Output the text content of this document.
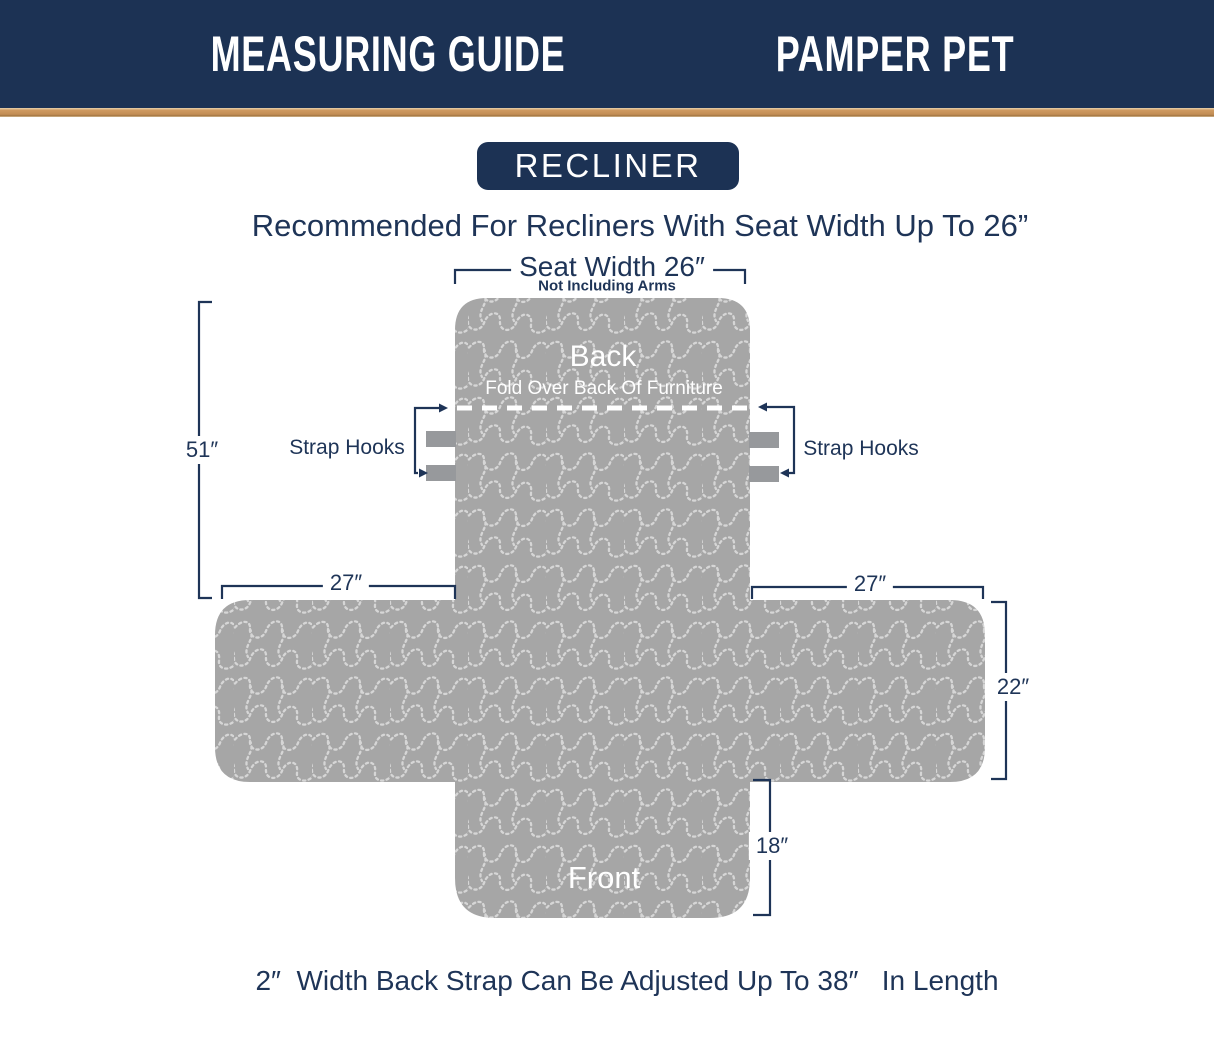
MEASURING GUIDE	PAMPER PET
RECLINER
Recommended For Recliners With Seat Width Up To 26”
Seat Width 26″
Not Including Arms
51″
27″	27″
22″
18″
Back
Fold Over Back Of Furniture
Front
Strap Hooks	Strap Hooks
2″  Width Back Strap Can Be Adjusted Up To 38″   In Length
